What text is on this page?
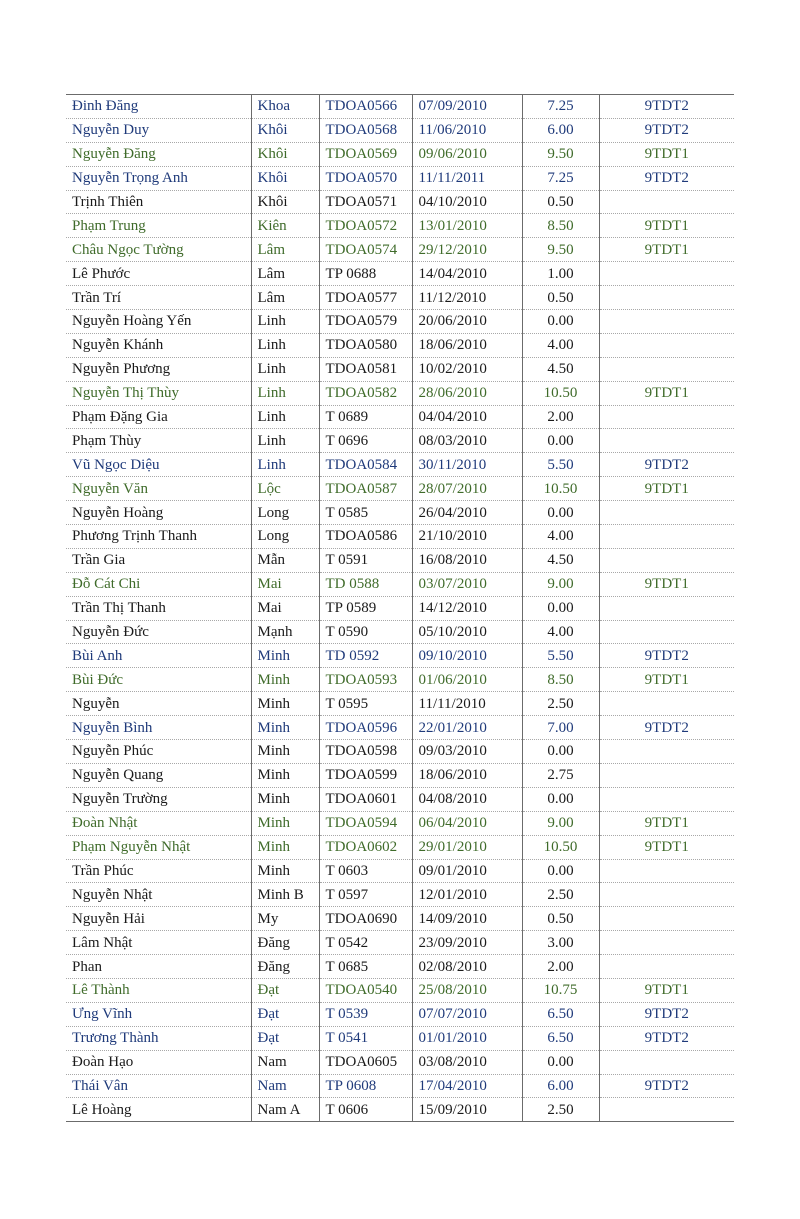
Đinh Đăng	Khoa	TDOA0566	07/09/2010	7.25	9TDT2
Nguyễn Duy	Khôi	TDOA0568	11/06/2010	6.00	9TDT2
Nguyễn Đăng	Khôi	TDOA0569	09/06/2010	9.50	9TDT1
Nguyễn Trọng Anh	Khôi	TDOA0570	11/11/2011	7.25	9TDT2
Trịnh Thiên	Khôi	TDOA0571	04/10/2010	0.50	
Phạm Trung	Kiên	TDOA0572	13/01/2010	8.50	9TDT1
Châu Ngọc Tường	Lâm	TDOA0574	29/12/2010	9.50	9TDT1
Lê Phước	Lâm	TP 0688	14/04/2010	1.00	
Trần Trí	Lâm	TDOA0577	11/12/2010	0.50	
Nguyễn Hoàng Yến	Linh	TDOA0579	20/06/2010	0.00	
Nguyễn Khánh	Linh	TDOA0580	18/06/2010	4.00	
Nguyễn Phương	Linh	TDOA0581	10/02/2010	4.50	
Nguyễn Thị Thùy	Linh	TDOA0582	28/06/2010	10.50	9TDT1
Phạm Đặng Gia	Linh	T 0689	04/04/2010	2.00	
Phạm Thùy	Linh	T 0696	08/03/2010	0.00	
Vũ Ngọc Diệu	Linh	TDOA0584	30/11/2010	5.50	9TDT2
Nguyễn Văn	Lộc	TDOA0587	28/07/2010	10.50	9TDT1
Nguyễn Hoàng	Long	T 0585	26/04/2010	0.00	
Phương Trịnh Thanh	Long	TDOA0586	21/10/2010	4.00	
Trần Gia	Mẫn	T 0591	16/08/2010	4.50	
Đỗ Cát Chi	Mai	TD 0588	03/07/2010	9.00	9TDT1
Trần Thị Thanh	Mai	TP 0589	14/12/2010	0.00	
Nguyễn Đức	Mạnh	T 0590	05/10/2010	4.00	
Bùi Anh	Minh	TD 0592	09/10/2010	5.50	9TDT2
Bùi Đức	Minh	TDOA0593	01/06/2010	8.50	9TDT1
Nguyễn	Minh	T 0595	11/11/2010	2.50	
Nguyễn Bình	Minh	TDOA0596	22/01/2010	7.00	9TDT2
Nguyễn Phúc	Minh	TDOA0598	09/03/2010	0.00	
Nguyễn Quang	Minh	TDOA0599	18/06/2010	2.75	
Nguyễn Trường	Minh	TDOA0601	04/08/2010	0.00	
Đoàn Nhật	Minh	TDOA0594	06/04/2010	9.00	9TDT1
Phạm Nguyễn Nhật	Minh	TDOA0602	29/01/2010	10.50	9TDT1
Trần Phúc	Minh	T 0603	09/01/2010	0.00	
Nguyễn Nhật	Minh B	T 0597	12/01/2010	2.50	
Nguyễn Hải	My	TDOA0690	14/09/2010	0.50	
Lâm Nhật	Đăng	T 0542	23/09/2010	3.00	
Phan	Đăng	T 0685	02/08/2010	2.00	
Lê Thành	Đạt	TDOA0540	25/08/2010	10.75	9TDT1
Ưng Vĩnh	Đạt	T 0539	07/07/2010	6.50	9TDT2
Trương Thành	Đạt	T 0541	01/01/2010	6.50	9TDT2
Đoàn Hạo	Nam	TDOA0605	03/08/2010	0.00	
Thái Vân	Nam	TP 0608	17/04/2010	6.00	9TDT2
Lê Hoàng	Nam A	T 0606	15/09/2010	2.50	
